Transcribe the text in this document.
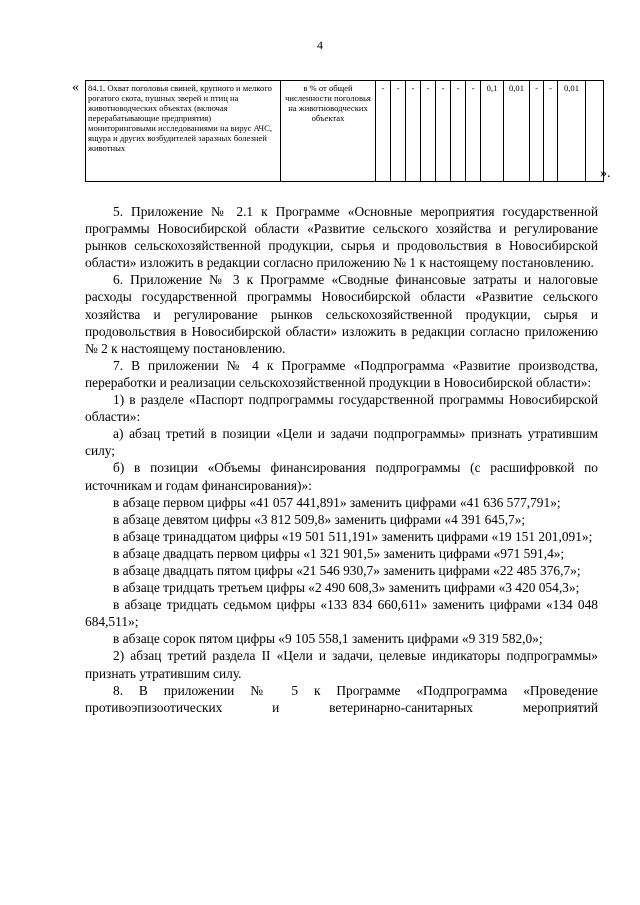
4
« 84.1. Охват поголовья свиней, крупного и мелкого рогатого скота, пушных зверей и птиц на животноводческих объектах (включая перерабатывающие предприятия) мониторинговыми исследованиями на вирус АЧС, ящура и других возбудителей заразных болезней животных	в % от общей численности поголовья на животноводческих объектах	-	-	-	-	-	-	-	0,1	0,01	-	-	0,01	
».

5. Приложение № 2.1 к Программе «Основные мероприятия государственной программы Новосибирской области «Развитие сельского хозяйства и регулирование рынков сельскохозяйственной продукции, сырья и продовольствия в Новосибирской области» изложить в редакции согласно приложению № 1 к настоящему постановлению.

6. Приложение № 3 к Программе «Сводные финансовые затраты и налоговые расходы государственной программы Новосибирской области «Развитие сельского хозяйства и регулирование рынков сельскохозяйственной продукции, сырья и продовольствия в Новосибирской области» изложить в редакции согласно приложению № 2 к настоящему постановлению.

7. В приложении № 4 к Программе «Подпрограмма «Развитие производства, переработки и реализации сельскохозяйственной продукции в Новосибирской области»:

1) в разделе «Паспорт подпрограммы государственной программы Новосибирской области»:

а) абзац третий в позиции «Цели и задачи подпрограммы» признать утратившим силу;

б) в позиции «Объемы финансирования подпрограммы (с расшифровкой по источникам и годам финансирования)»:

в абзаце первом цифры «41 057 441,891» заменить цифрами «41 636 577,791»;

в абзаце девятом цифры «3 812 509,8» заменить цифрами «4 391 645,7»;

в абзаце тринадцатом цифры «19 501 511,191» заменить цифрами «19 151 201,091»;

в абзаце двадцать первом цифры «1 321 901,5» заменить цифрами «971 591,4»;

в абзаце двадцать пятом цифры «21 546 930,7» заменить цифрами «22 485 376,7»;

в абзаце тридцать третьем цифры «2 490 608,3» заменить цифрами «3 420 054,3»;

в абзаце тридцать седьмом цифры «133 834 660,611» заменить цифрами «134 048 684,511»;

в абзаце сорок пятом цифры «9 105 558,1 заменить цифрами «9 319 582,0»;

2) абзац третий раздела II «Цели и задачи, целевые индикаторы подпрограммы» признать утратившим силу.

8. В приложении № 5 к Программе «Подпрограмма «Проведение противоэпизоотических и ветеринарно-санитарных мероприятий
